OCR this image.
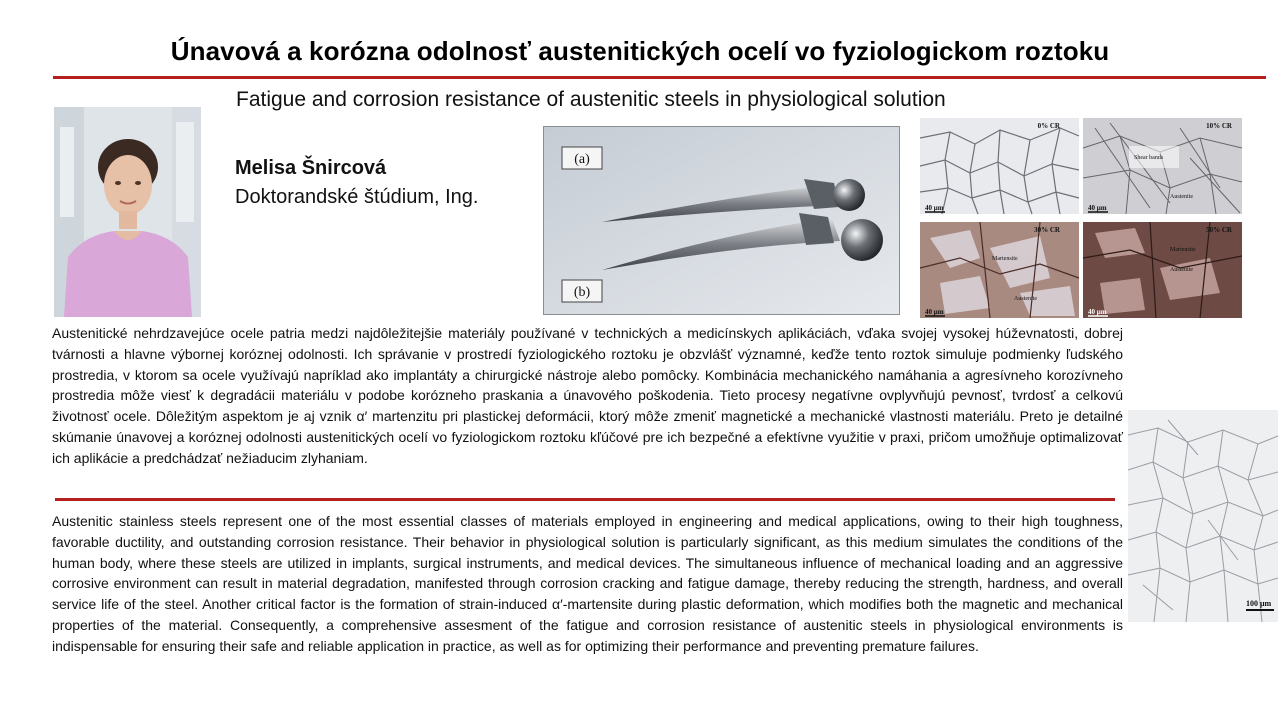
Únavová a korózna odolnosť austenitických ocelí vo fyziologickom roztoku
Fatigue and corrosion resistance of austenitic steels in physiological solution
Melisa Šnircová
Doktorandské štúdium, Ing.
(a)
(b)
0% CR
40 μm
10% CR
Shear bands
Austenite
40 μm
30% CR
Martensite
Austenite
40 μm
50% CR
Martensite
Austenite
40 μm
100 μm
Austenitické nehrdzavejúce ocele patria medzi najdôležitejšie materiály používané v technických a medicínskych aplikáciách, vďaka svojej vysokej húževnatosti, dobrej tvárnosti a hlavne výbornej koróznej odolnosti. Ich správanie v prostredí fyziologického roztoku je obzvlášť významné, keďže tento roztok simuluje podmienky ľudského prostredia, v ktorom sa ocele využívajú napríklad ako implantáty a chirurgické nástroje alebo pomôcky. Kombinácia mechanického namáhania a agresívneho korozívneho prostredia môže viesť k degradácii materiálu v podobe korózneho praskania a únavového poškodenia. Tieto procesy negatívne ovplyvňujú pevnosť, tvrdosť a celkovú životnosť ocele. Dôležitým aspektom je aj vznik α′ martenzitu pri plastickej deformácii, ktorý môže zmeniť magnetické a mechanické vlastnosti materiálu. Preto je detailné skúmanie únavovej a koróznej odolnosti austenitických ocelí vo fyziologickom roztoku kľúčové pre ich bezpečné a efektívne využitie v praxi, pričom umožňuje optimalizovať ich aplikácie a predchádzať nežiaducim zlyhaniam.
Austenitic stainless steels represent one of the most essential classes of materials employed in engineering and medical applications, owing to their high toughness, favorable ductility, and outstanding corrosion resistance. Their behavior in physiological solution is particularly significant, as this medium simulates the conditions of the human body, where these steels are utilized in implants, surgical instruments, and medical devices. The simultaneous influence of mechanical loading and an aggressive corrosive environment can result in material degradation, manifested through corrosion cracking and fatigue damage, thereby reducing the strength, hardness, and overall service life of the steel. Another critical factor is the formation of strain-induced α′-martensite during plastic deformation, which modifies both the magnetic and mechanical properties of the material. Consequently, a comprehensive assesment of the fatigue and corrosion resistance of austenitic steels in physiological environments is indispensable for ensuring their safe and reliable application in practice, as well as for optimizing their performance and preventing premature failures.
